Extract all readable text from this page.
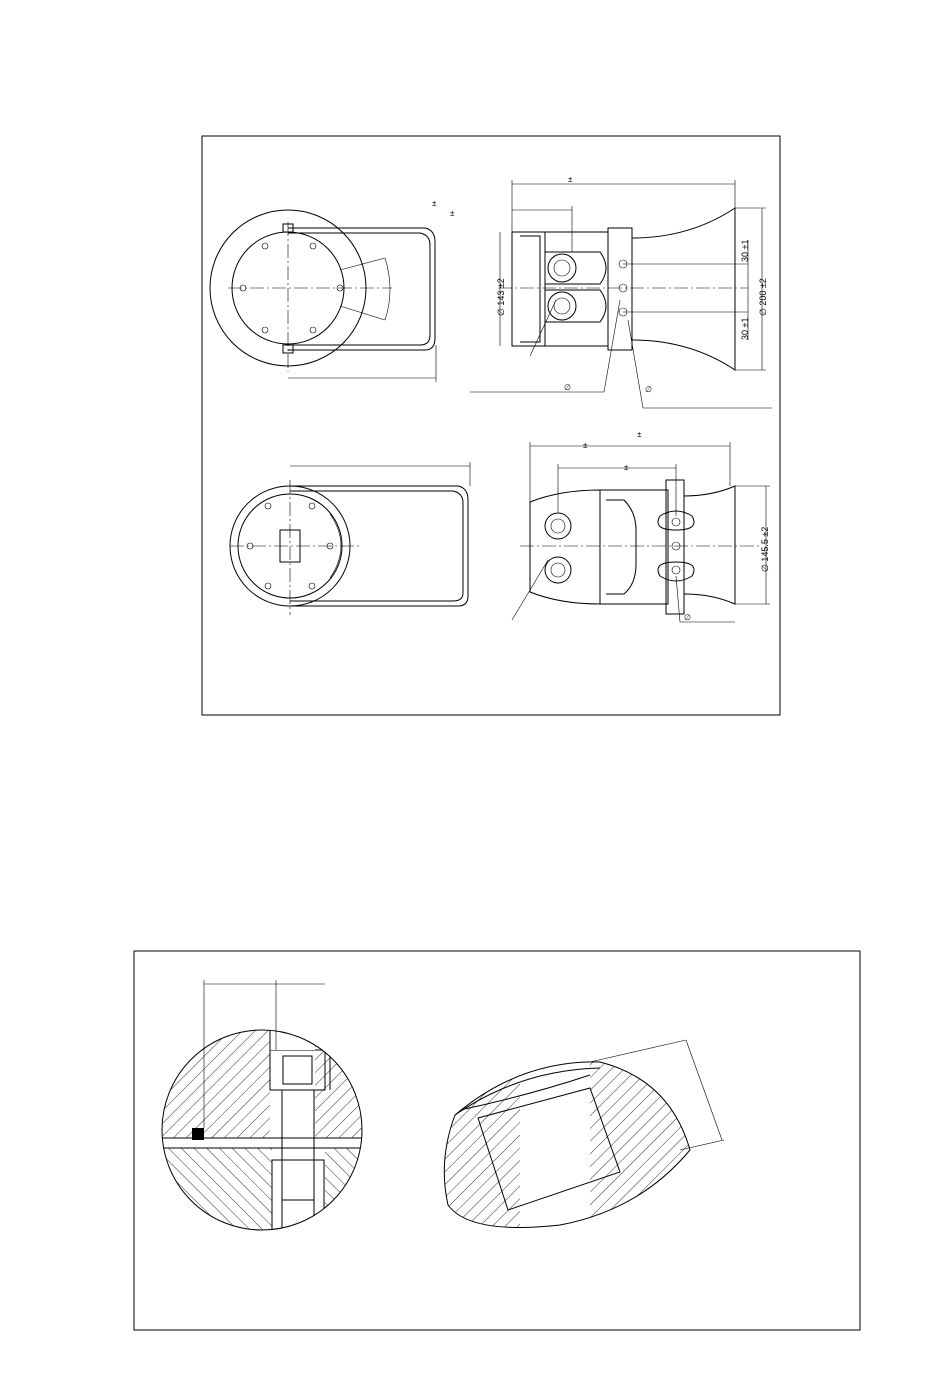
∅ 143 ±2	∅ 200 ±2
30 ±1
30 ±1
∅ 145.5 ±2
∅	∅
∅
±
±
±
±
±
±
